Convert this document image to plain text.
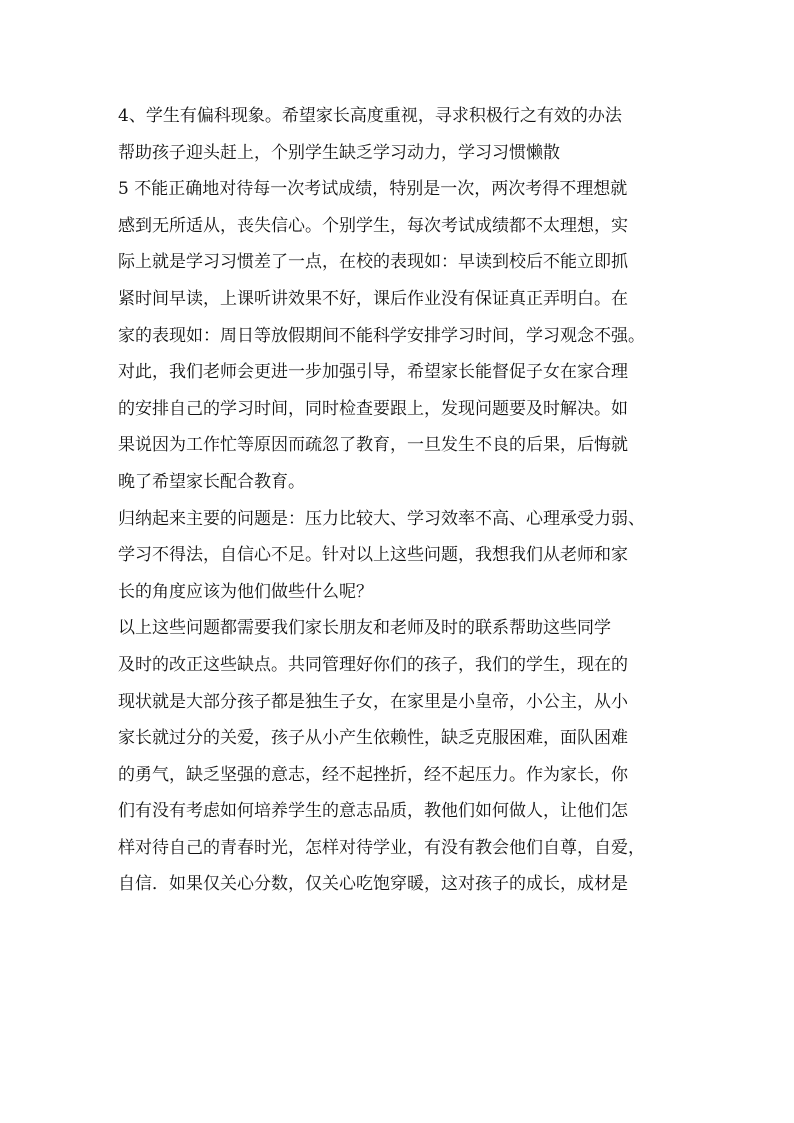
4、学生有偏科现象。希望家长高度重视，寻求积极行之有效的办法
帮助孩子迎头赶上，个别学生缺乏学习动力，学习习惯懒散
5 不能正确地对待每一次考试成绩，特别是一次，两次考得不理想就
感到无所适从，丧失信心。个别学生，每次考试成绩都不太理想，实
际上就是学习习惯差了一点，在校的表现如：早读到校后不能立即抓
紧时间早读，上课听讲效果不好，课后作业没有保证真正弄明白。在
家的表现如：周日等放假期间不能科学安排学习时间，学习观念不强。
对此，我们老师会更进一步加强引导，希望家长能督促子女在家合理
的安排自己的学习时间，同时检查要跟上，发现问题要及时解决。如
果说因为工作忙等原因而疏忽了教育，一旦发生不良的后果，后悔就
晚了希望家长配合教育。
归纳起来主要的问题是：压力比较大、学习效率不高、心理承受力弱、
学习不得法，自信心不足。针对以上这些问题，我想我们从老师和家
长的角度应该为他们做些什么呢？
以上这些问题都需要我们家长朋友和老师及时的联系帮助这些同学
及时的改正这些缺点。共同管理好你们的孩子，我们的学生，现在的
现状就是大部分孩子都是独生子女，在家里是小皇帝，小公主，从小
家长就过分的关爱，孩子从小产生依赖性，缺乏克服困难，面队困难
的勇气，缺乏坚强的意志，经不起挫折，经不起压力。作为家长，你
们有没有考虑如何培养学生的意志品质，教他们如何做人，让他们怎
样对待自己的青春时光，怎样对待学业，有没有教会他们自尊，自爱，
自信．如果仅关心分数，仅关心吃饱穿暖，这对孩子的成长，成材是
